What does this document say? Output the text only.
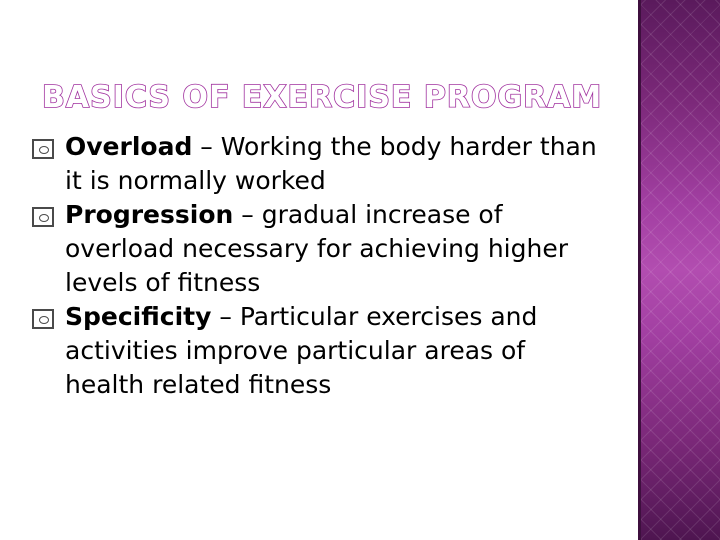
BASICS OF EXERCISE PROGRAM

Overload – Working the body harder than it is normally worked

Progression – gradual increase of overload necessary for achieving higher levels of fitness

Specificity – Particular exercises and activities improve particular areas of health related fitness
